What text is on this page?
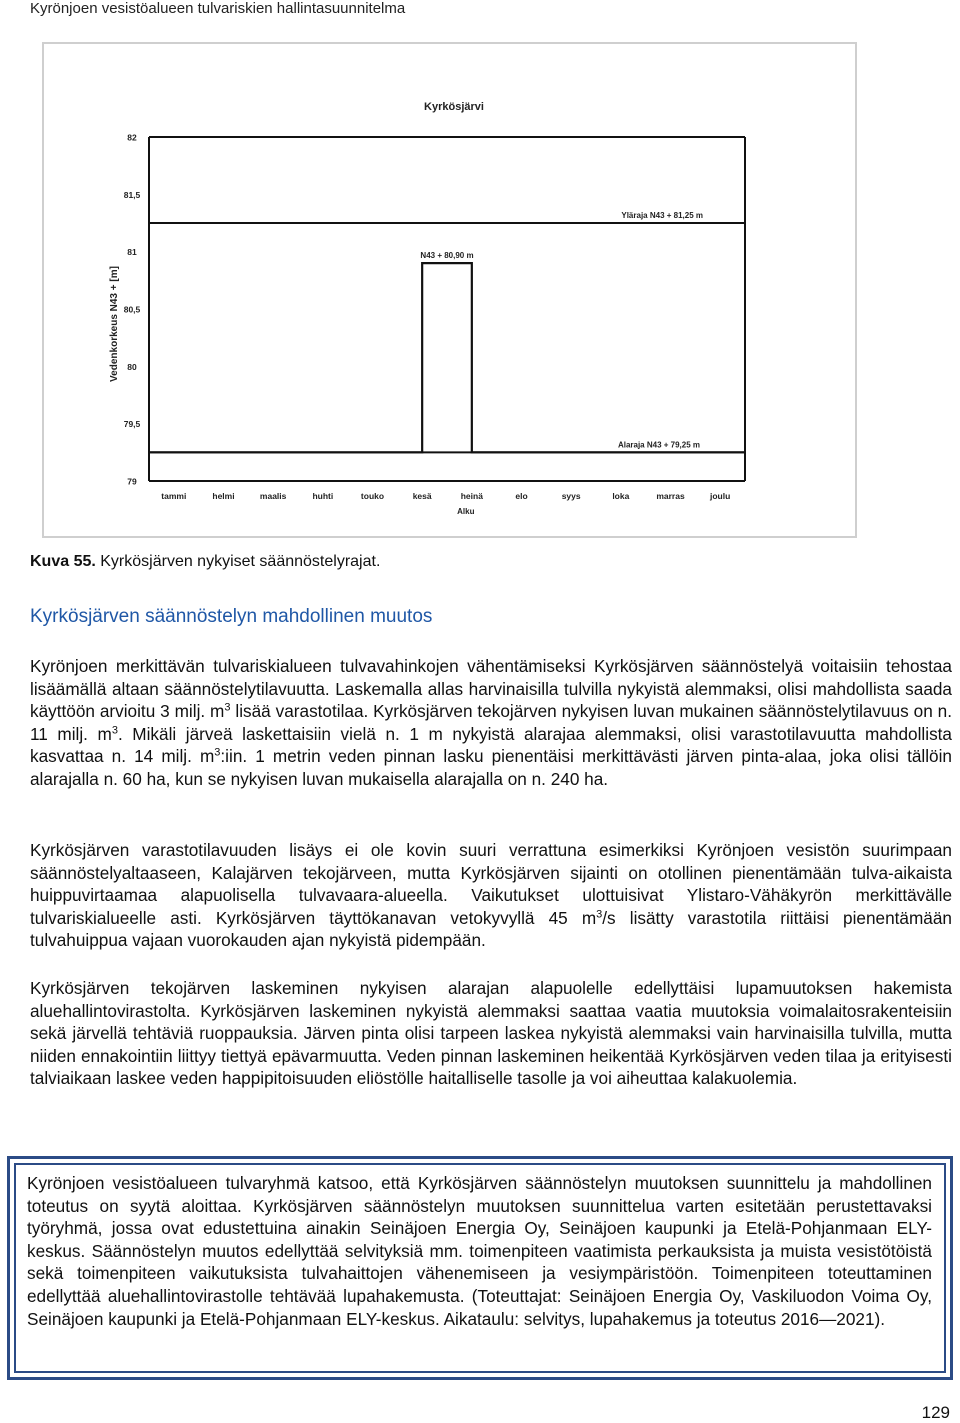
Kyrönjoen vesistöalueen tulvariskien hallintasuunnitelma
Kyrkösjärvi
Vedenkorkeus N43 + [m]
82
81,5
81
80,5
80
79,5
79
tammi	helmi	maalis	huhti	touko	kesä	heinä	elo	syys	loka	marras	joulu
Yläraja N43 + 81,25 m
N43 + 80,90 m
Alaraja N43 + 79,25 m
Alku
Kuva 55. Kyrkösjärven nykyiset säännöstelyrajat.
Kyrkösjärven säännöstelyn mahdollinen muutos

Kyrönjoen merkittävän tulvariskialueen tulvavahinkojen vähentämiseksi Kyrkösjärven säännöstelyä voitaisiin tehostaa lisäämällä altaan säännöstelytilavuutta. Laskemalla allas harvinaisilla tulvilla nykyistä alemmaksi, olisi mahdollista saada käyttöön arvioitu 3 milj. $m^3$ lisää varastotilaa. Kyrkösjärven tekojärven nykyisen luvan mukainen säännöstelytilavuus on n. 11 milj. $m^3$. Mikäli järveä laskettaisiin vielä n. 1 m nykyistä alarajaa alemmaksi, olisi varastotilavuutta mahdollista kasvattaa n. 14 milj. $m^3:iin$. 1 metrin veden pinnan lasku pienentäisi merkittävästi järven pinta-alaa, joka olisi tällöin alarajalla n. 60 ha, kun se nykyisen luvan mukaisella alarajalla on n. 240 ha.

Kyrkösjärven varastotilavuuden lisäys ei ole kovin suuri verrattuna esimerkiksi Kyrönjoen vesistön suurimpaan säännöstelyaltaaseen, Kalajärven tekojärveen, mutta Kyrkösjärven sijainti on otollinen pienentämään tulva-aikaista huippuvirtaamaa alapuolisella tulvavaara-alueella. Vaikutukset ulottuisivat Ylistaro-Vähäkyrön merkittävälle tulvariskialueelle asti. Kyrkösjärven täyttökanavan vetokyvyllä 45 $m^3/s$ lisätty varastotila riittäisi pienentämään tulvahuippua vajaan vuorokauden ajan nykyistä pidempään.

Kyrkösjärven tekojärven laskeminen nykyisen alarajan alapuolelle edellyttäisi lupamuutoksen hakemista aluehallintovirastolta. Kyrkösjärven laskeminen nykyistä alemmaksi saattaa vaatia muutoksia voimalaitosrakenteisiin sekä järvellä tehtäviä ruoppauksia. Järven pinta olisi tarpeen laskea nykyistä alemmaksi vain harvinaisilla tulvilla, mutta niiden ennakointiin liittyy tiettyä epävarmuutta. Veden pinnan laskeminen heikentää Kyrkösjärven veden tilaa ja erityisesti talviaikaan laskee veden happipitoisuuden eliöstölle haitalliselle tasolle ja voi aiheuttaa kalakuolemia.

Kyrönjoen vesistöalueen tulvaryhmä katsoo, että Kyrkösjärven säännöstelyn muutoksen suunnittelu ja mahdollinen toteutus on syytä aloittaa. Kyrkösjärven säännöstelyn muutoksen suunnittelua varten esitetään perustettavaksi työryhmä, jossa ovat edustettuina ainakin Seinäjoen Energia Oy, Seinäjoen kaupunki ja Etelä-Pohjanmaan ELY-keskus. Säännöstelyn muutos edellyttää selvityksiä mm. toimenpiteen vaatimista perkauksista ja muista vesistötöistä sekä toimenpiteen vaikutuksista tulvahaittojen vähenemiseen ja vesiympäristöön. Toimenpiteen toteuttaminen edellyttää aluehallintovirastolle tehtävää lupahakemusta. (Toteuttajat: Seinäjoen Energia Oy, Vaskiluodon Voima Oy, Seinäjoen kaupunki ja Etelä-Pohjanmaan ELY-keskus. Aikataulu: selvitys, lupahakemus ja toteutus 2016—2021).

129
